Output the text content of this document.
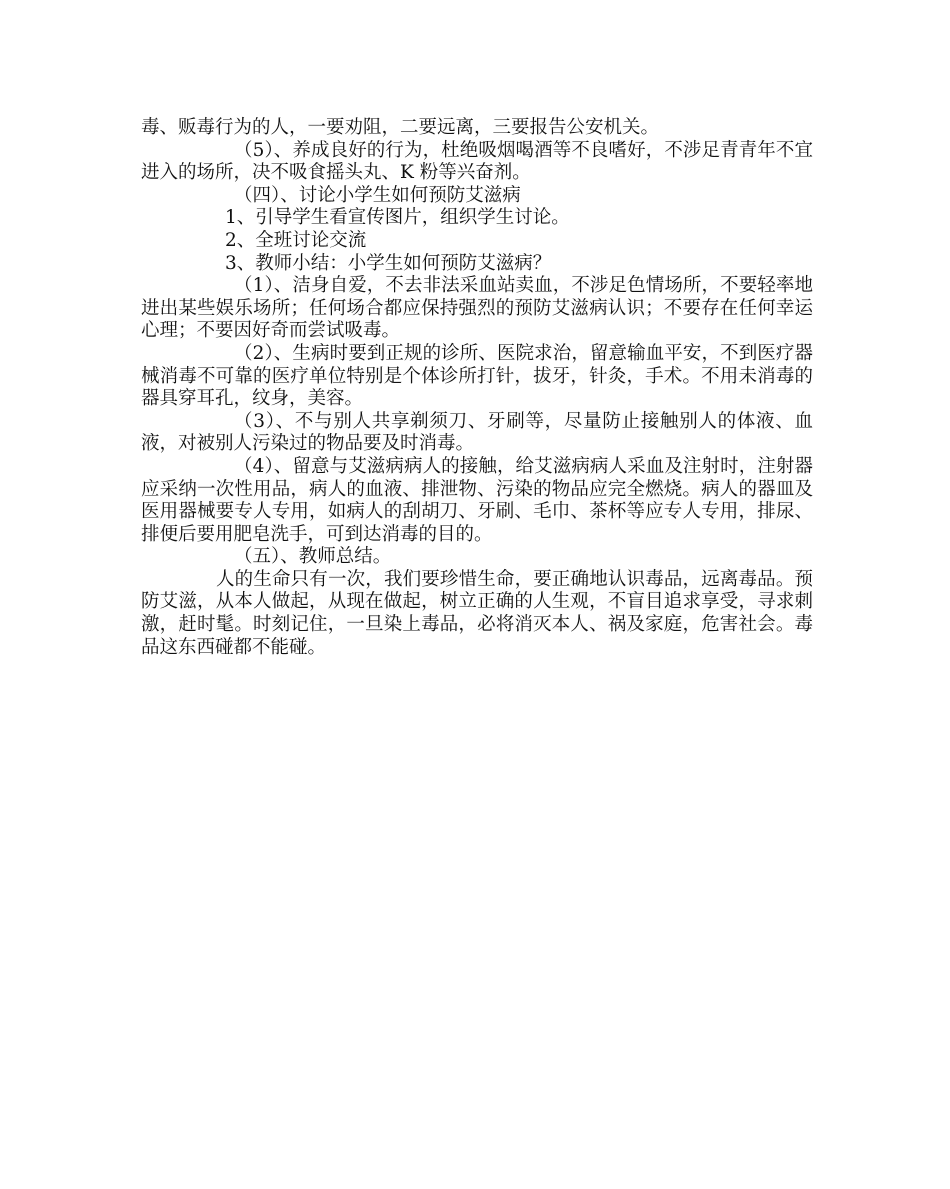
毒、贩毒行为的人，一要劝阻，二要远离，三要报告公安机关。

（5）、养成良好的行为，杜绝吸烟喝酒等不良嗜好，不涉足青青年不宜进入的场所，决不吸食摇头丸、K 粉等兴奋剂。

（四）、讨论小学生如何预防艾滋病

1、引导学生看宣传图片，组织学生讨论。

2、全班讨论交流

3、教师小结：小学生如何预防艾滋病？

（1）、洁身自爱，不去非法采血站卖血，不涉足色情场所，不要轻率地进出某些娱乐场所；任何场合都应保持强烈的预防艾滋病认识；不要存在任何幸运心理；不要因好奇而尝试吸毒。

（2）、生病时要到正规的诊所、医院求治，留意输血平安，不到医疗器械消毒不可靠的医疗单位特别是个体诊所打针，拔牙，针灸，手术。不用未消毒的器具穿耳孔，纹身，美容。

（3）、不与别人共享剃须刀、牙刷等，尽量防止接触别人的体液、血液，对被别人污染过的物品要及时消毒。

（4）、留意与艾滋病病人的接触，给艾滋病病人采血及注射时，注射器应采纳一次性用品，病人的血液、排泄物、污染的物品应完全燃烧。病人的器皿及医用器械要专人专用，如病人的刮胡刀、牙刷、毛巾、茶杯等应专人专用，排尿、排便后要用肥皂洗手，可到达消毒的目的。

（五）、教师总结。

人的生命只有一次，我们要珍惜生命，要正确地认识毒品，远离毒品。预防艾滋，从本人做起，从现在做起，树立正确的人生观，不盲目追求享受，寻求刺激，赶时髦。时刻记住，一旦染上毒品，必将消灭本人、祸及家庭，危害社会。毒品这东西碰都不能碰。
